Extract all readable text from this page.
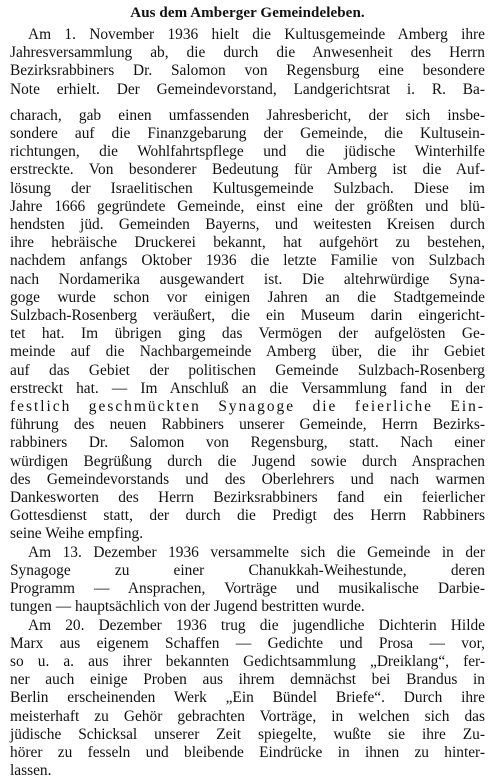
Aus dem Amberger Gemeindeleben.
Am 1. November 1936 hielt die Kultusgemeinde Amberg ihre
Jahresversammlung ab, die durch die Anwesenheit des Herrn
Bezirksrabbiners Dr. Salomon von Regensburg eine besondere
Note erhielt. Der Gemeindevorstand, Landgerichtsrat i. R. Ba-
charach, gab einen umfassenden Jahresbericht, der sich insbe-
sondere auf die Finanzgebarung der Gemeinde, die Kultusein-
richtungen, die Wohlfahrtspflege und die jüdische Winterhilfe
erstreckte. Von besonderer Bedeutung für Amberg ist die Auf-
lösung der Israelitischen Kultusgemeinde Sulzbach. Diese im
Jahre 1666 gegründete Gemeinde, einst eine der größten und blü-
hendsten jüd. Gemeinden Bayerns, und weitesten Kreisen durch
ihre hebräische Druckerei bekannt, hat aufgehört zu bestehen,
nachdem anfangs Oktober 1936 die letzte Familie von Sulzbach
nach Nordamerika ausgewandert ist. Die altehrwürdige Syna-
goge wurde schon vor einigen Jahren an die Stadtgemeinde
Sulzbach-Rosenberg veräußert, die ein Museum darin eingericht-
tet hat. Im übrigen ging das Vermögen der aufgelösten Ge-
meinde auf die Nachbargemeinde Amberg über, die ihr Gebiet
auf das Gebiet der politischen Gemeinde Sulzbach-Rosenberg
erstreckt hat. — Im Anschluß an die Versammlung fand in der
festlich geschmückten Synagoge die feierliche Ein-
führung des neuen Rabbiners unserer Gemeinde, Herrn Bezirks-
rabbiners Dr. Salomon von Regensburg, statt. Nach einer
würdigen Begrüßung durch die Jugend sowie durch Ansprachen
des Gemeindevorstands und des Oberlehrers und nach warmen
Dankesworten des Herrn Bezirksrabbiners fand ein feierlicher
Gottesdienst statt, der durch die Predigt des Herrn Rabbiners
seine Weihe empfing.
Am 13. Dezember 1936 versammelte sich die Gemeinde in der
Synagoge zu einer Chanukkah-Weihestunde, deren
Programm — Ansprachen, Vorträge und musikalische Darbie-
tungen — hauptsächlich von der Jugend bestritten wurde.
Am 20. Dezember 1936 trug die jugendliche Dichterin Hilde
Marx aus eigenem Schaffen — Gedichte und Prosa — vor,
so u. a. aus ihrer bekannten Gedichtsammlung „Dreiklang“, fer-
ner auch einige Proben aus ihrem demnächst bei Brandus in
Berlin erscheinenden Werk „Ein Bündel Briefe“. Durch ihre
meisterhaft zu Gehör gebrachten Vorträge, in welchen sich das
jüdische Schicksal unserer Zeit spiegelte, wußte sie ihre Zu-
hörer zu fesseln und bleibende Eindrücke in ihnen zu hinter-
lassen.
